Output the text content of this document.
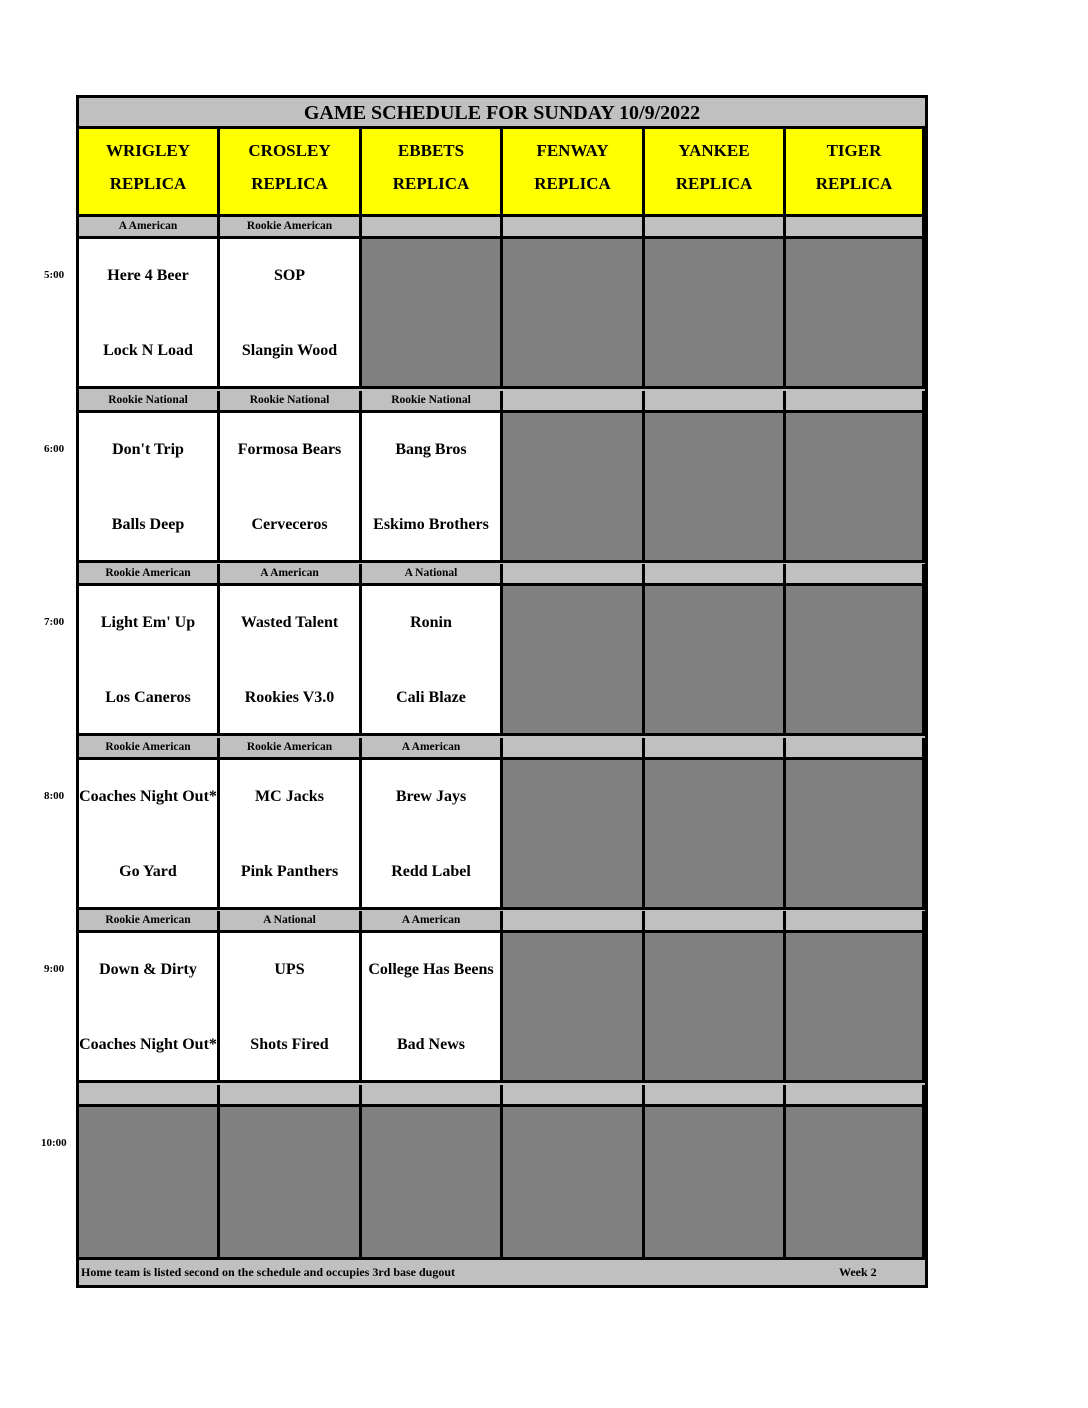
5:00
6:00
7:00
8:00
9:00
10:00
GAME SCHEDULE FOR SUNDAY 10/9/2022
WRIGLEY
REPLICA
CROSLEY
REPLICA
EBBETS
REPLICA
FENWAY
REPLICA
YANKEE
REPLICA
TIGER
REPLICA
A American
Here 4 Beer
Lock N Load
Rookie American
SOP
Slangin Wood
Rookie National
Don't Trip
Balls Deep
Rookie National
Formosa Bears
Cerveceros
Rookie National
Bang Bros
Eskimo Brothers
Rookie American
Light Em' Up
Los Caneros
A American
Wasted Talent
Rookies V3.0
A National
Ronin
Cali Blaze
Rookie American
Coaches Night Out*
Go Yard
Rookie American
MC Jacks
Pink Panthers
A American
Brew Jays
Redd Label
Rookie American
Down & Dirty
Coaches Night Out*
A National
UPS
Shots Fired
A American
College Has Beens
Bad News
Home team is listed second on the schedule and occupies 3rd base dugout	Week 2
